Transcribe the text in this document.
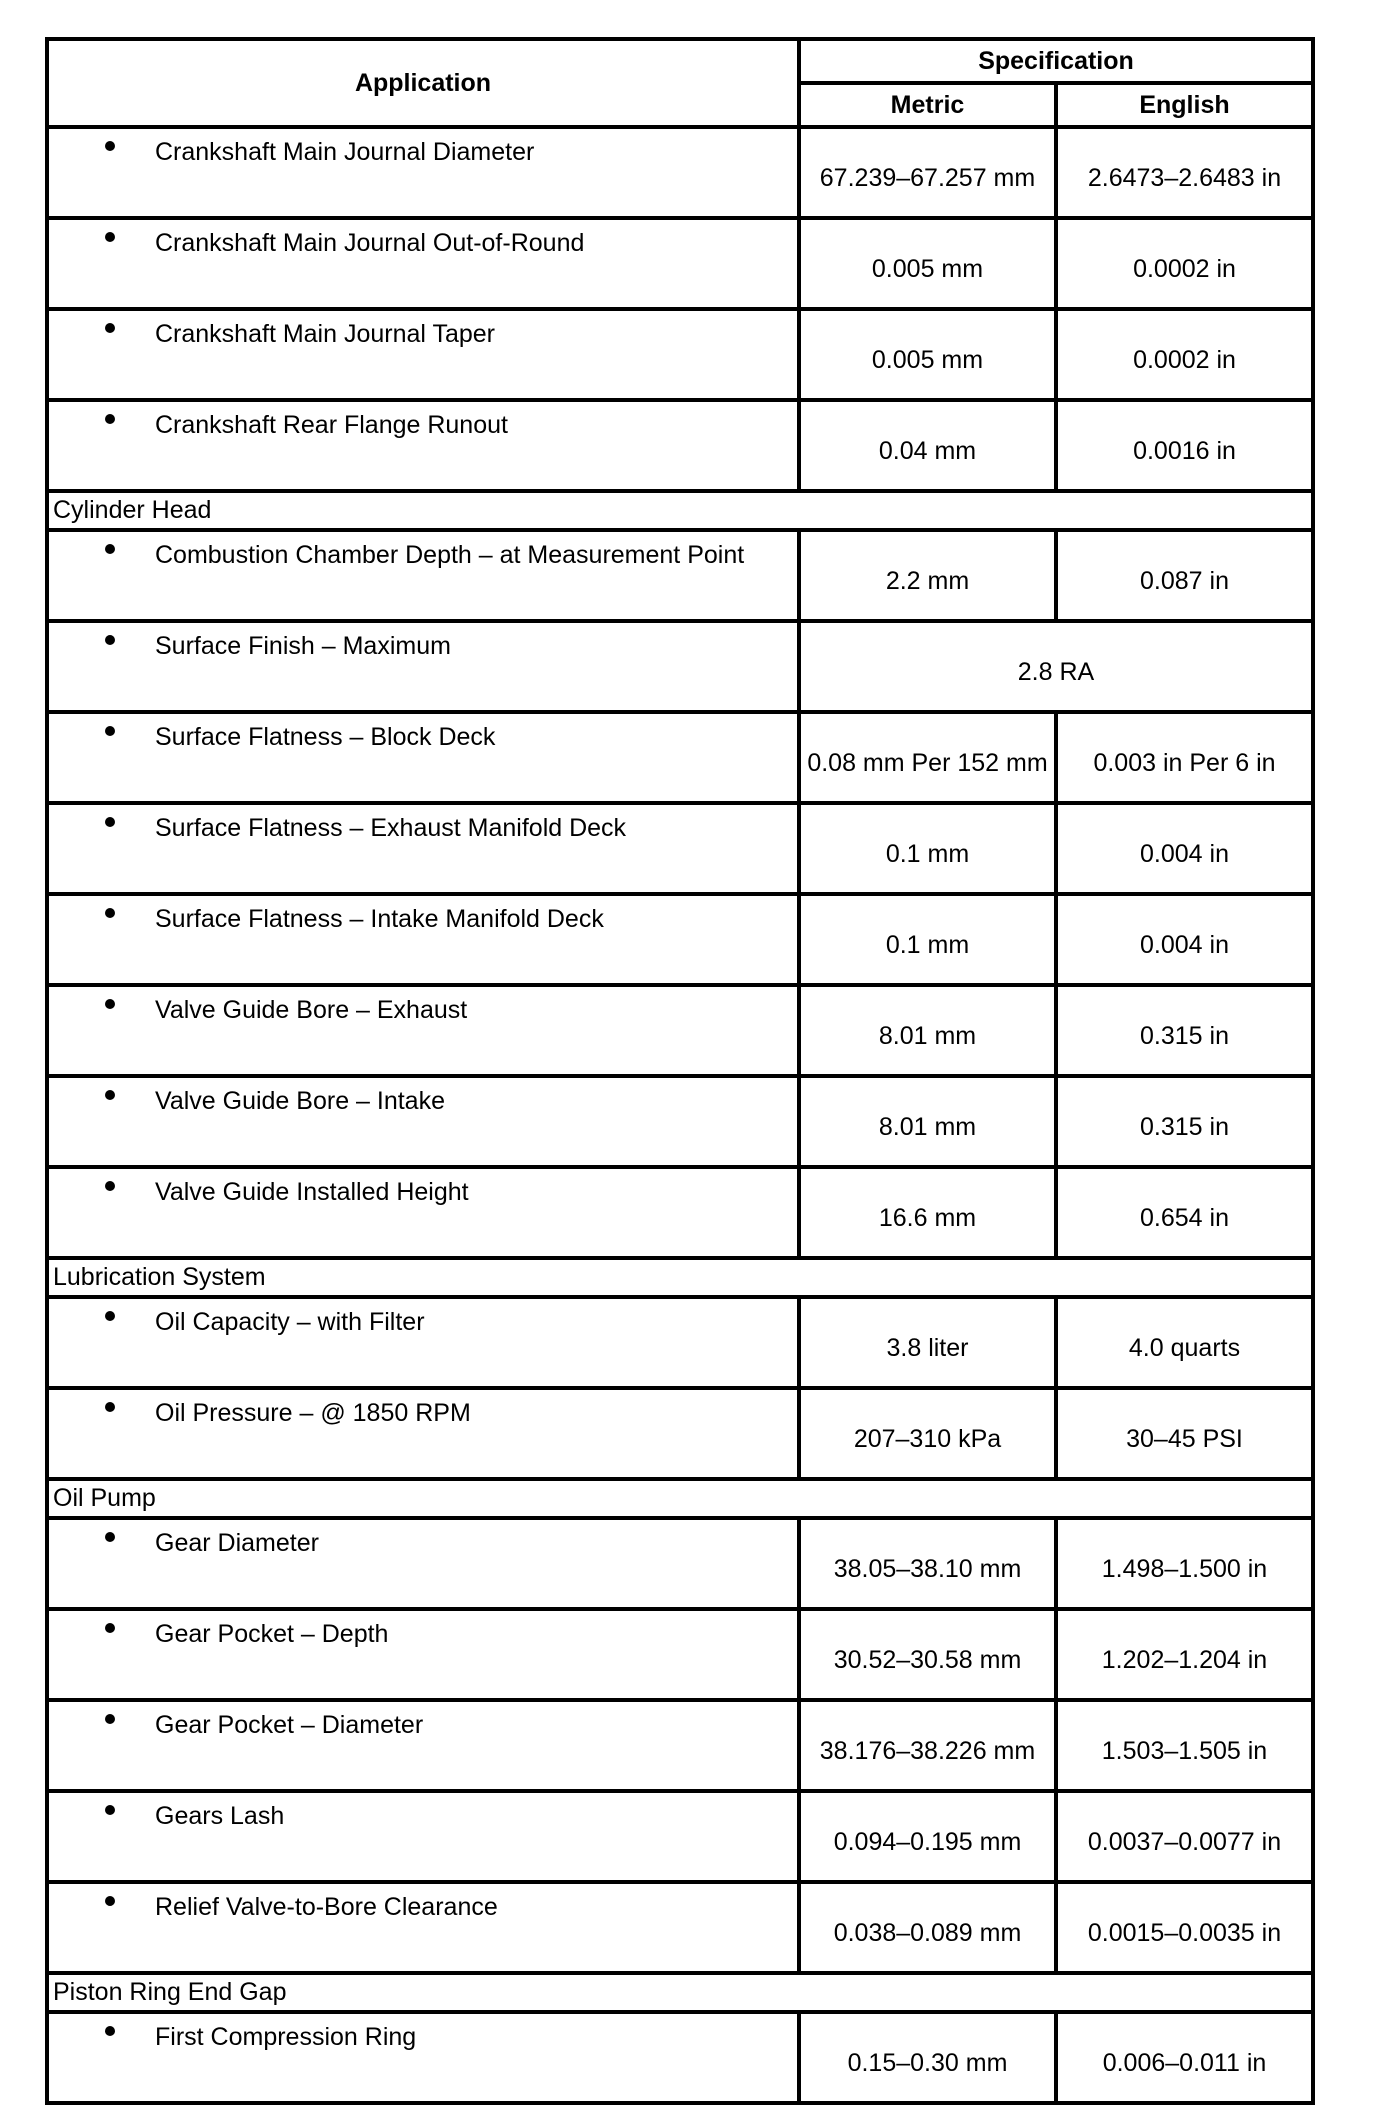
Application	Specification	
	Metric	English

Crankshaft Main Journal Diameter	67.239–67.257 mm	2.6473–2.6483 in

Crankshaft Main Journal Out-of-Round	0.005 mm	0.0002 in

Crankshaft Main Journal Taper	0.005 mm	0.0002 in

Crankshaft Rear Flange Runout	0.04 mm	0.0016 in
Cylinder Head		

Combustion Chamber Depth – at Measurement Point	2.2 mm	0.087 in

Surface Finish – Maximum	2.8 RA	

Surface Flatness – Block Deck	0.08 mm Per 152 mm	0.003 in Per 6 in

Surface Flatness – Exhaust Manifold Deck	0.1 mm	0.004 in

Surface Flatness – Intake Manifold Deck	0.1 mm	0.004 in

Valve Guide Bore – Exhaust	8.01 mm	0.315 in

Valve Guide Bore – Intake	8.01 mm	0.315 in

Valve Guide Installed Height	16.6 mm	0.654 in
Lubrication System		

Oil Capacity – with Filter	3.8 liter	4.0 quarts

Oil Pressure – @ 1850 RPM	207–310 kPa	30–45 PSI
Oil Pump		

Gear Diameter	38.05–38.10 mm	1.498–1.500 in

Gear Pocket – Depth	30.52–30.58 mm	1.202–1.204 in

Gear Pocket – Diameter	38.176–38.226 mm	1.503–1.505 in

Gears Lash	0.094–0.195 mm	0.0037–0.0077 in

Relief Valve-to-Bore Clearance	0.038–0.089 mm	0.0015–0.0035 in
Piston Ring End Gap		

First Compression Ring	0.15–0.30 mm	0.006–0.011 in
